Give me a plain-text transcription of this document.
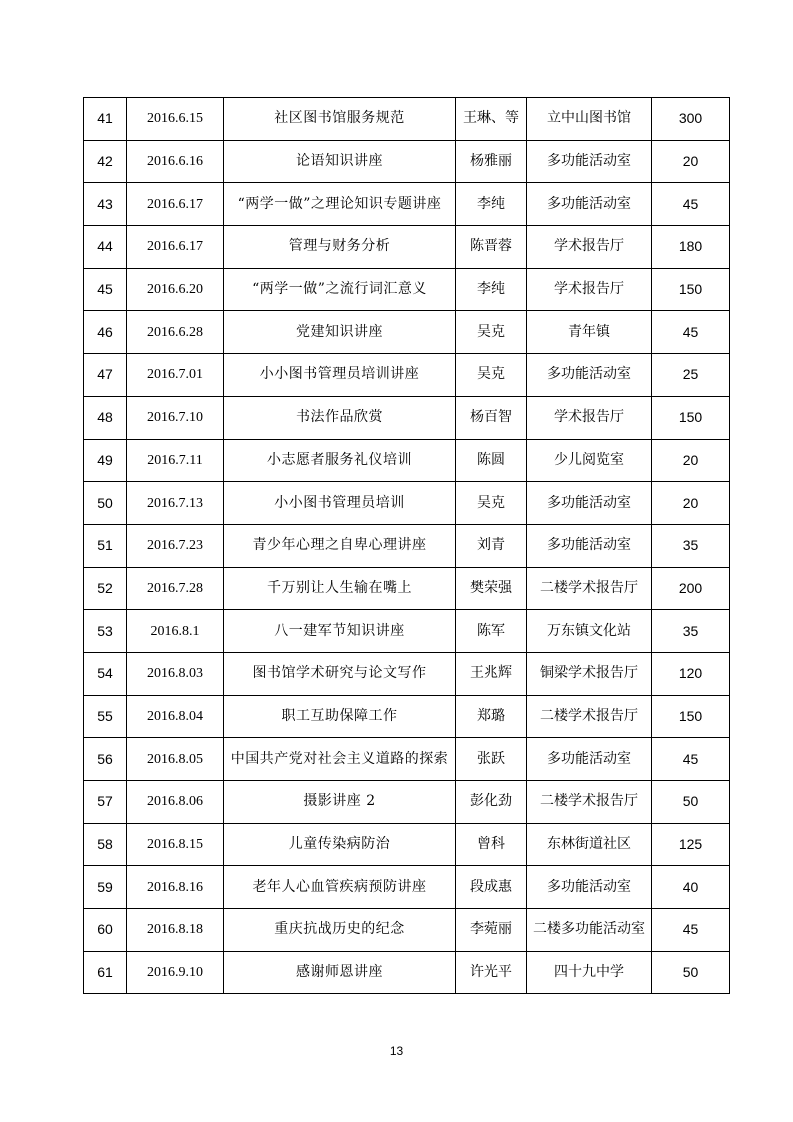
41	2016.6.15	社区图书馆服务规范	王琳、等	立中山图书馆	300
42	2016.6.16	论语知识讲座	杨雅丽	多功能活动室	20
43	2016.6.17	“两学一做”之理论知识专题讲座	李纯	多功能活动室	45
44	2016.6.17	管理与财务分析	陈晋蓉	学术报告厅	180
45	2016.6.20	“两学一做”之流行词汇意义	李纯	学术报告厅	150
46	2016.6.28	党建知识讲座	吴克	青年镇	45
47	2016.7.01	小小图书管理员培训讲座	吴克	多功能活动室	25
48	2016.7.10	书法作品欣赏	杨百智	学术报告厅	150
49	2016.7.11	小志愿者服务礼仪培训	陈圆	少儿阅览室	20
50	2016.7.13	小小图书管理员培训	吴克	多功能活动室	20
51	2016.7.23	青少年心理之自卑心理讲座	刘青	多功能活动室	35
52	2016.7.28	千万别让人生输在嘴上	樊荣强	二楼学术报告厅	200
53	2016.8.1	八一建军节知识讲座	陈军	万东镇文化站	35
54	2016.8.03	图书馆学术研究与论文写作	王兆辉	铜梁学术报告厅	120
55	2016.8.04	职工互助保障工作	郑璐	二楼学术报告厅	150
56	2016.8.05	中国共产党对社会主义道路的探索	张跃	多功能活动室	45
57	2016.8.06	摄影讲座 2	彭化劲	二楼学术报告厅	50
58	2016.8.15	儿童传染病防治	曾科	东林街道社区	125
59	2016.8.16	老年人心血管疾病预防讲座	段成惠	多功能活动室	40
60	2016.8.18	重庆抗战历史的纪念	李菀丽	二楼多功能活动室	45
61	2016.9.10	感谢师恩讲座	许光平	四十九中学	50
13
